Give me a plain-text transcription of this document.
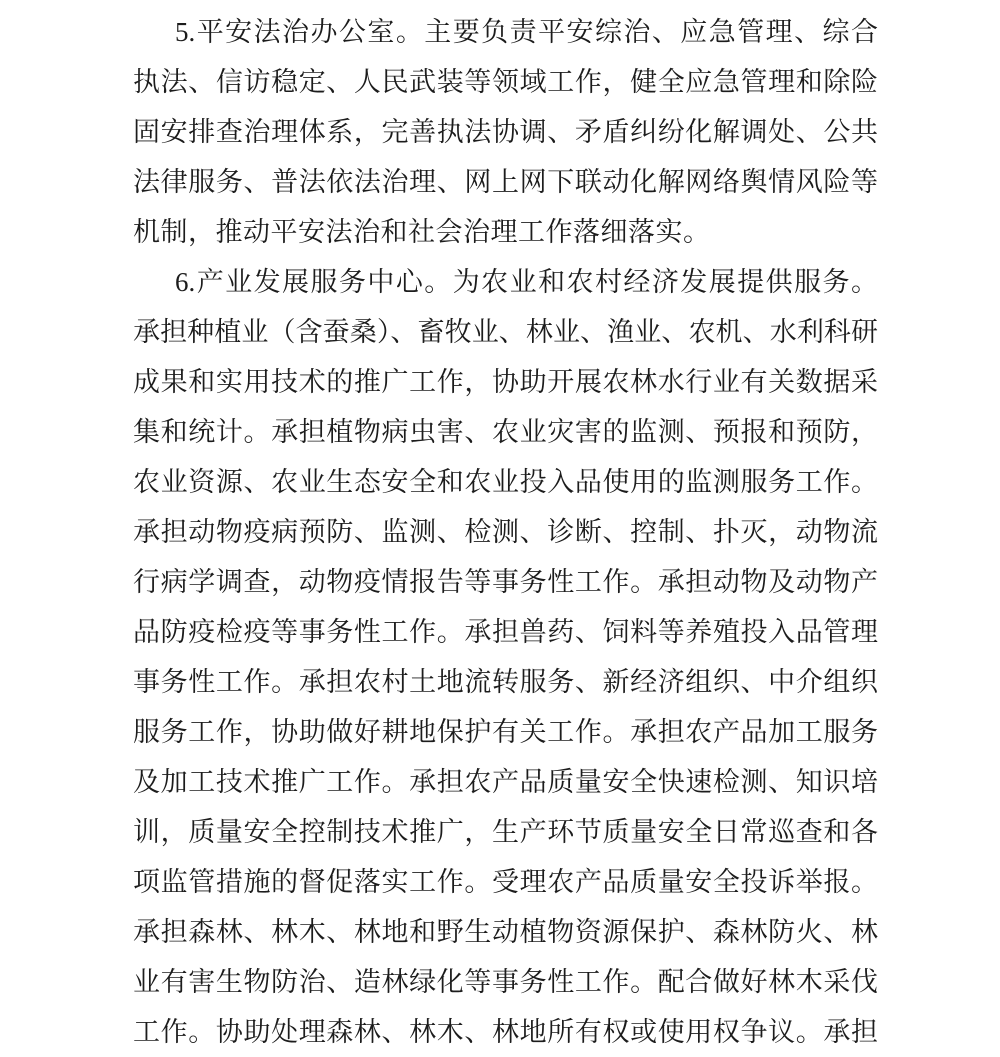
5.平安法治办公室。主要负责平安综治、应急管理、综合
执法、信访稳定、人民武装等领域工作，健全应急管理和除险
固安排查治理体系，完善执法协调、矛盾纠纷化解调处、公共
法律服务、普法依法治理、网上网下联动化解网络舆情风险等
机制，推动平安法治和社会治理工作落细落实。
6.产业发展服务中心。为农业和农村经济发展提供服务。
承担种植业（含蚕桑）、畜牧业、林业、渔业、农机、水利科研
成果和实用技术的推广工作，协助开展农林水行业有关数据采
集和统计。承担植物病虫害、农业灾害的监测、预报和预防，
农业资源、农业生态安全和农业投入品使用的监测服务工作。
承担动物疫病预防、监测、检测、诊断、控制、扑灭，动物流
行病学调查，动物疫情报告等事务性工作。承担动物及动物产
品防疫检疫等事务性工作。承担兽药、饲料等养殖投入品管理
事务性工作。承担农村土地流转服务、新经济组织、中介组织
服务工作，协助做好耕地保护有关工作。承担农产品加工服务
及加工技术推广工作。承担农产品质量安全快速检测、知识培
训，质量安全控制技术推广，生产环节质量安全日常巡查和各
项监管措施的督促落实工作。受理农产品质量安全投诉举报。
承担森林、林木、林地和野生动植物资源保护、森林防火、林
业有害生物防治、造林绿化等事务性工作。配合做好林木采伐
工作。协助处理森林、林木、林地所有权或使用权争议。承担
